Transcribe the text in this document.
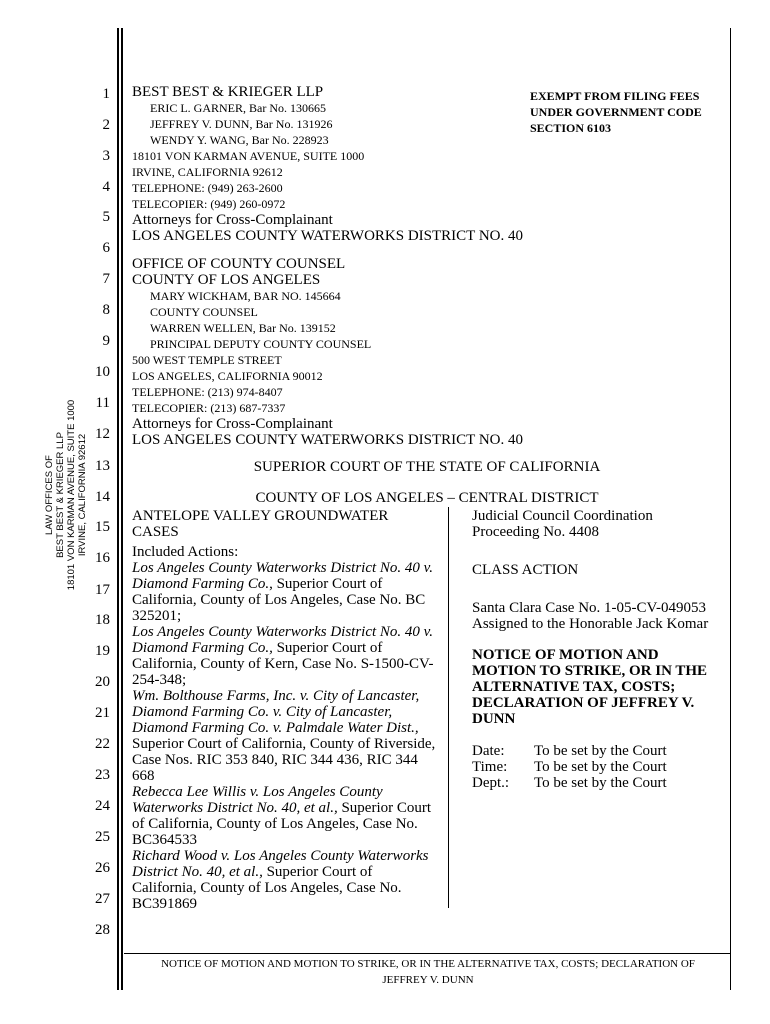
1
2
3
4
5
6
7
8
9
10
11
12
13
14
15
16
17
18
19
20
21
22
23
24
25
26
27
28
LAW OFFICES OF BEST BEST & KRIEGER LLP 18101 VON KARMAN AVENUE, SUITE 1000 IRVINE, CALIFORNIA 92612
BEST BEST & KRIEGER LLP
ERIC L. GARNER, Bar No. 130665
JEFFREY V. DUNN, Bar No. 131926
WENDY Y. WANG, Bar No. 228923
18101 VON KARMAN AVENUE, SUITE 1000
IRVINE, CALIFORNIA 92612
TELEPHONE: (949) 263-2600
TELECOPIER: (949) 260-0972
Attorneys for Cross-Complainant
LOS ANGELES COUNTY WATERWORKS DISTRICT NO. 40
EXEMPT FROM FILING FEES
UNDER GOVERNMENT CODE
SECTION 6103
OFFICE OF COUNTY COUNSEL
COUNTY OF LOS ANGELES
MARY WICKHAM, BAR NO. 145664
COUNTY COUNSEL
WARREN WELLEN, Bar No. 139152
PRINCIPAL DEPUTY COUNTY COUNSEL
500 WEST TEMPLE STREET
LOS ANGELES, CALIFORNIA 90012
TELEPHONE: (213) 974-8407
TELECOPIER: (213) 687-7337
Attorneys for Cross-Complainant
LOS ANGELES COUNTY WATERWORKS DISTRICT NO. 40
SUPERIOR COURT OF THE STATE OF CALIFORNIA
COUNTY OF LOS ANGELES – CENTRAL DISTRICT
ANTELOPE VALLEY GROUNDWATER
CASES
Included Actions:
Los Angeles County Waterworks District No. 40 v.
Diamond Farming Co., Superior Court of
California, County of Los Angeles, Case No. BC
325201;
Los Angeles County Waterworks District No. 40 v.
Diamond Farming Co., Superior Court of
California, County of Kern, Case No. S-1500-CV-
254-348;
Wm. Bolthouse Farms, Inc. v. City of Lancaster,
Diamond Farming Co. v. City of Lancaster,
Diamond Farming Co. v. Palmdale Water Dist.,
Superior Court of California, County of Riverside,
Case Nos. RIC 353 840, RIC 344 436, RIC 344
668
Rebecca Lee Willis v. Los Angeles County
Waterworks District No. 40, et al., Superior Court
of California, County of Los Angeles, Case No.
BC364533
Richard Wood v. Los Angeles County Waterworks
District No. 40, et al., Superior Court of
California, County of Los Angeles, Case No.
BC391869
Judicial Council Coordination
Proceeding No. 4408
CLASS ACTION
Santa Clara Case No. 1-05-CV-049053
Assigned to the Honorable Jack Komar
NOTICE OF MOTION AND
MOTION TO STRIKE, OR IN THE
ALTERNATIVE TAX, COSTS;
DECLARATION OF JEFFREY V.
DUNN
Date:	To be set by the Court
Time:	To be set by the Court
Dept.:	To be set by the Court
NOTICE OF MOTION AND MOTION TO STRIKE, OR IN THE ALTERNATIVE TAX, COSTS; DECLARATION OF
JEFFREY V. DUNN
